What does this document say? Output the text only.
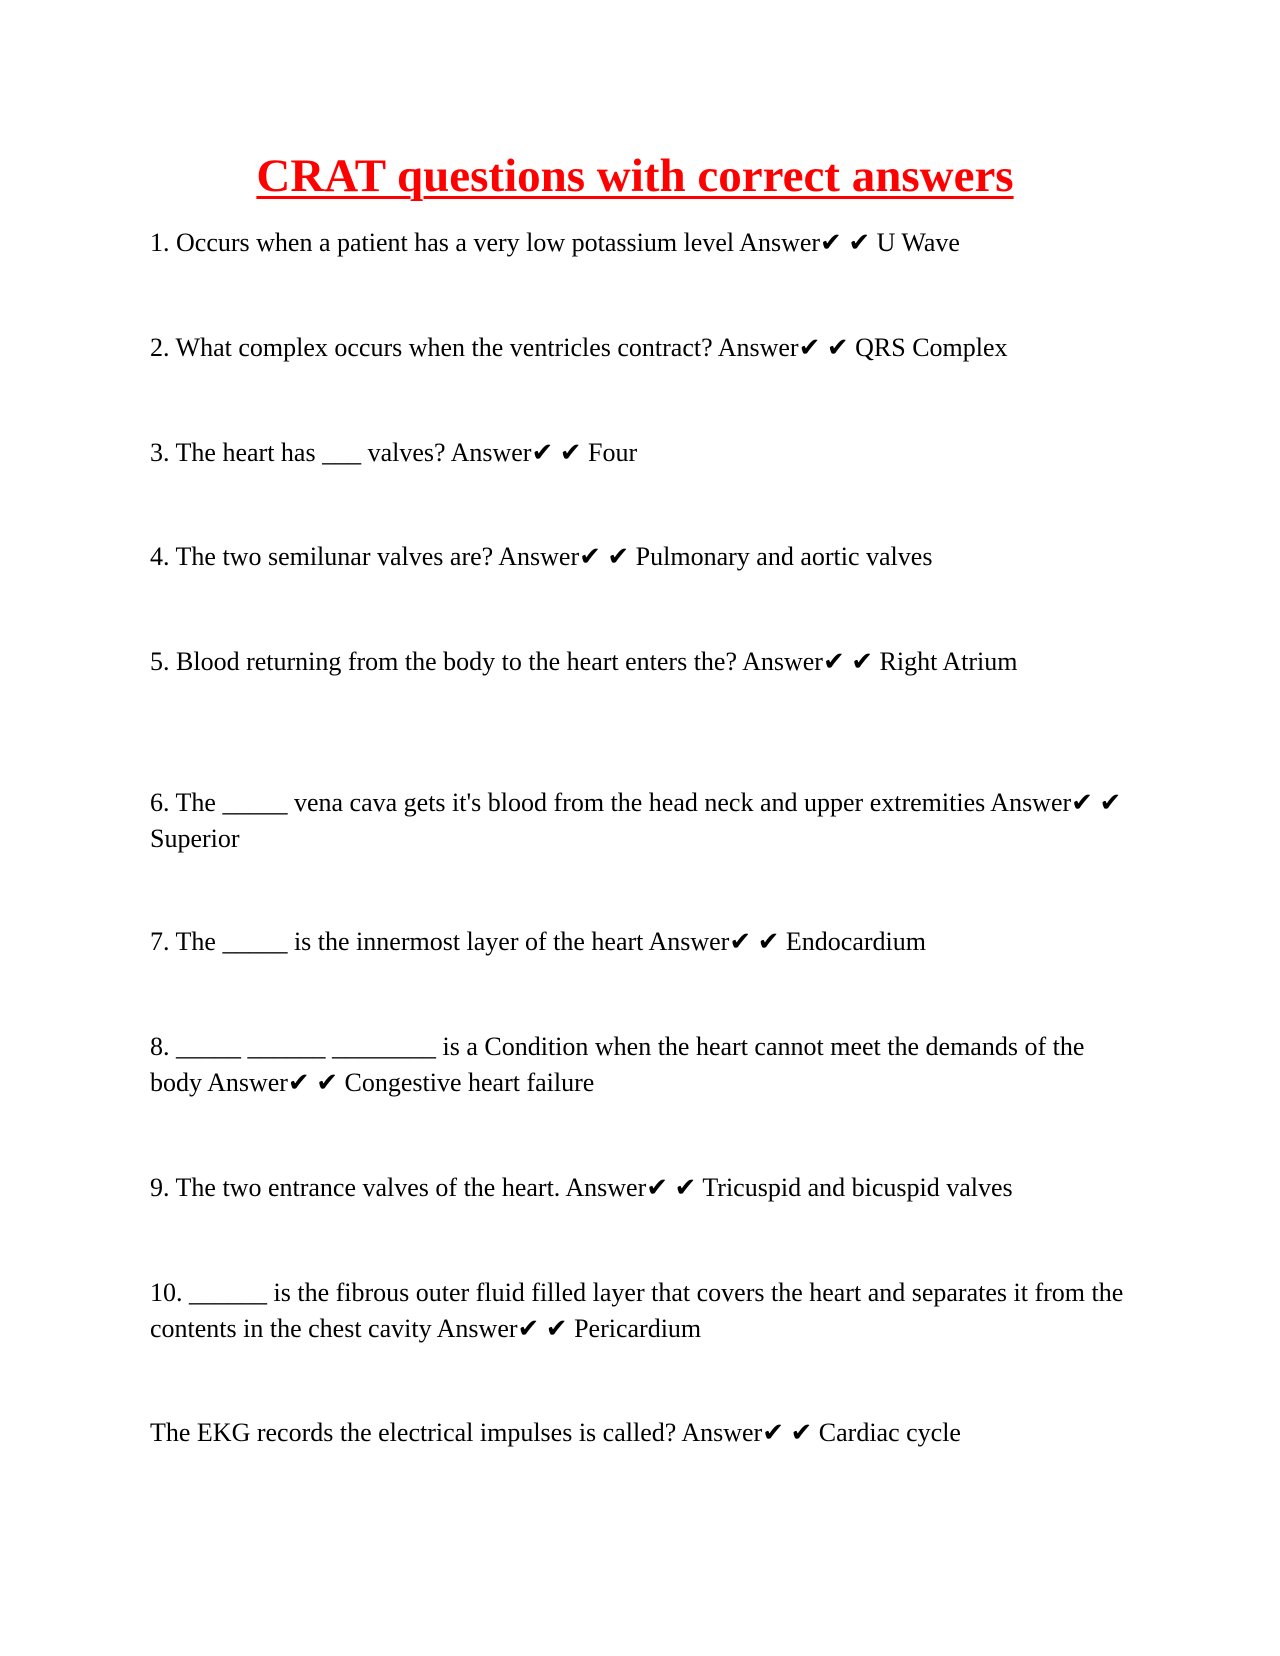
CRAT questions with correct answers

1. Occurs when a patient has a very low potassium level Answer✔ ✔ U Wave

2. What complex occurs when the ventricles contract? Answer✔ ✔ QRS Complex

3. The heart has ___ valves? Answer✔ ✔ Four

4. The two semilunar valves are? Answer✔ ✔ Pulmonary and aortic valves

5. Blood returning from the body to the heart enters the? Answer✔ ✔ Right Atrium

6. The _____ vena cava gets it's blood from the head neck and upper extremities Answer✔ ✔ Superior

7. The _____ is the innermost layer of the heart Answer✔ ✔ Endocardium

8. _____ ______ ________ is a Condition when the heart cannot meet the demands of the body Answer✔ ✔ Congestive heart failure

9. The two entrance valves of the heart. Answer✔ ✔ Tricuspid and bicuspid valves

10. ______ is the fibrous outer fluid filled layer that covers the heart and separates it from the contents in the chest cavity Answer✔ ✔ Pericardium

The EKG records the electrical impulses is called? Answer✔ ✔ Cardiac cycle
